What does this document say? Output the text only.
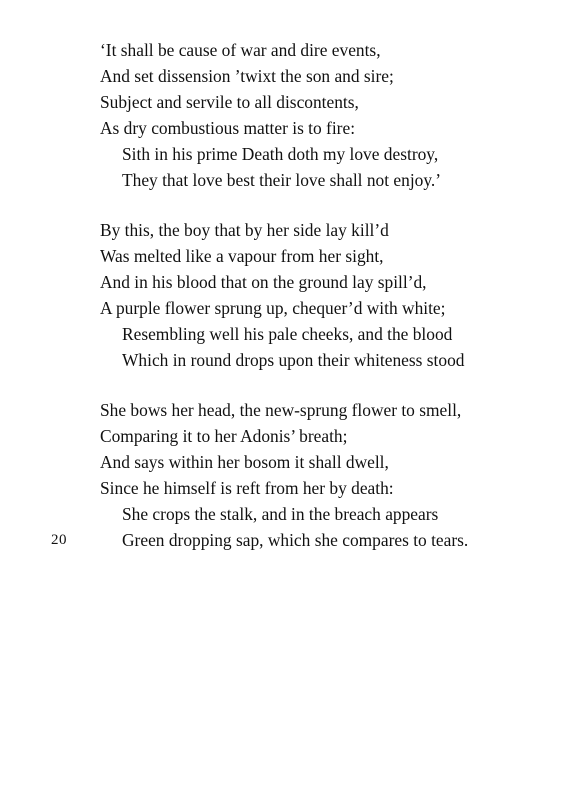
‘It shall be cause of war and dire events,
And set dissension ’twixt the son and sire;
Subject and servile to all discontents,
As dry combustious matter is to fire:
Sith in his prime Death doth my love destroy,
They that love best their love shall not enjoy.’
By this, the boy that by her side lay kill’d
Was melted like a vapour from her sight,
And in his blood that on the ground lay spill’d,
A purple flower sprung up, chequer’d with white;
Resembling well his pale cheeks, and the blood
Which in round drops upon their whiteness stood
She bows her head, the new-sprung flower to smell,
Comparing it to her Adonis’ breath;
And says within her bosom it shall dwell,
Since he himself is reft from her by death:
She crops the stalk, and in the breach appears
20	Green dropping sap, which she compares to tears.
